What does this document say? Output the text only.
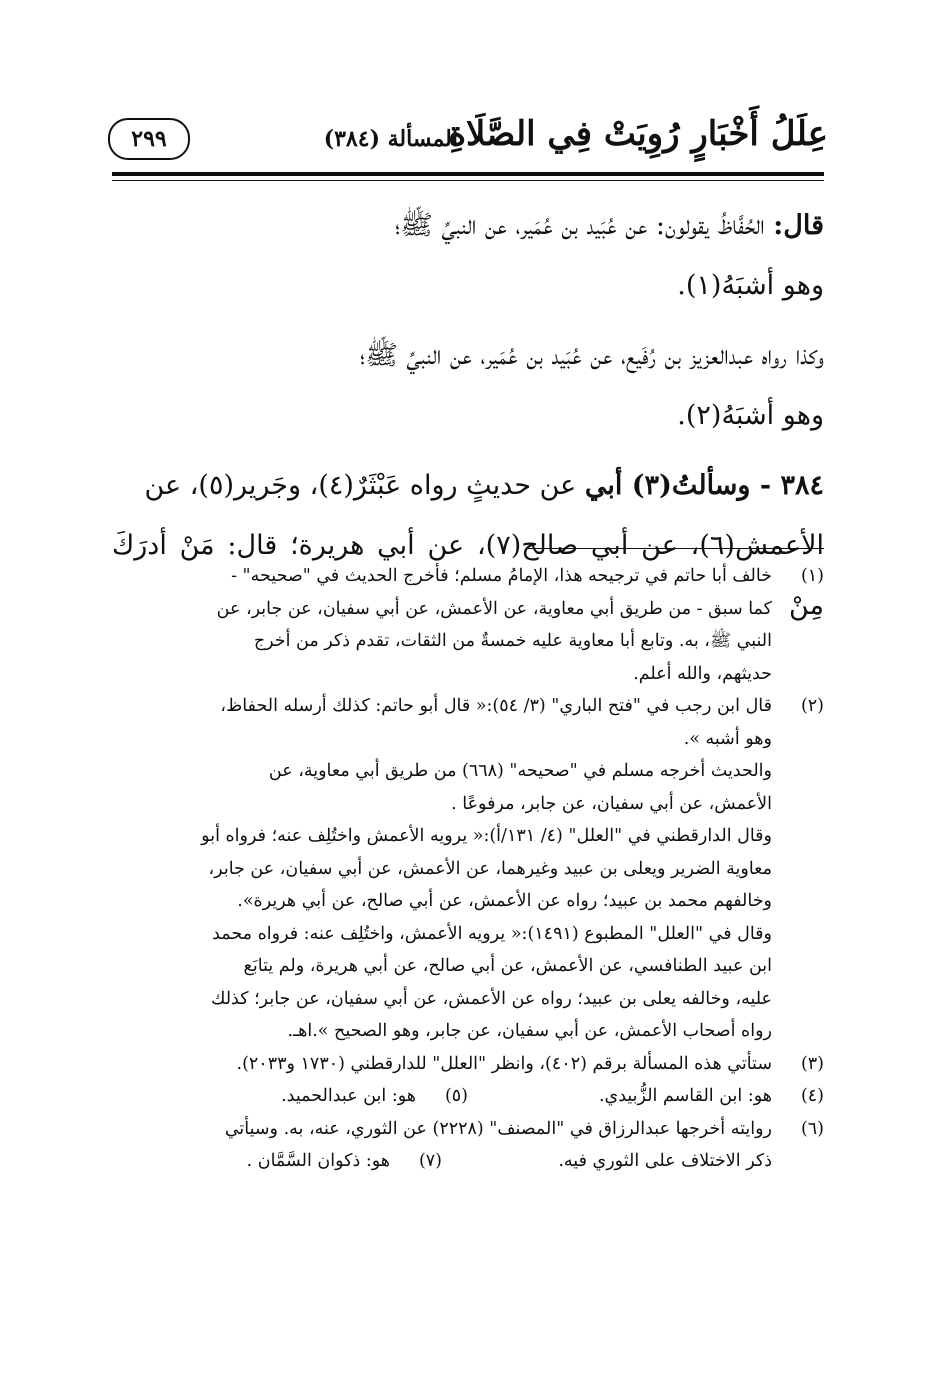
عِلَلُ أَخْبَارٍ رُوِيَتْ فِي الصَّلَاةِ
المسألة (٣٨٤)
٢٩٩

قال: الحُفَّاظُ يقولون: عن عُبَيد بن عُمَير، عن النبيِّ ﷺ؛
وهو أشبَهُ(١).

وكذا رواه عبدالعزيز بن رُفَيع، عن عُبَيد بن عُمَير، عن النبيِّ ﷺ؛
وهو أشبَهُ(٢).

٣٨٤ - وسألتُ(٣) أبي عن حديثٍ رواه عَبْثَرٌ(٤)، وجَرير(٥)، عن
الأعمش(٦)، عن أبي صالح(٧)، عن أبي هريرة؛ قال: مَنْ أدرَكَ مِنْ

(١)
خالف أبا حاتم في ترجيحه هذا، الإمامُ مسلم؛ فأخرج الحديث في "صحيحه" -
كما سبق - من طريق أبي معاوية، عن الأعمش، عن أبي سفيان، عن جابر، عن
النبي ﷺ، به. وتابع أبا معاوية عليه خمسةٌ من الثقات، تقدم ذكر من أخرج
حديثهم، والله أعلم.
(٢)
قال ابن رجب في "فتح الباري" (٣/ ٥٤):« قال أبو حاتم: كذلك أرسله الحفاظ،
وهو أشبه ».
والحديث أخرجه مسلم في "صحيحه" (٦٦٨) من طريق أبي معاوية، عن
الأعمش، عن أبي سفيان، عن جابر، مرفوعًا .
وقال الدارقطني في "العلل" (٤/ ١٣١/أ):« يرويه الأعمش واختُلِف عنه؛ فرواه أبو
معاوية الضرير ويعلى بن عبيد وغيرهما، عن الأعمش، عن أبي سفيان، عن جابر،
وخالفهم محمد بن عبيد؛ رواه عن الأعمش، عن أبي صالح، عن أبي هريرة».
وقال في "العلل" المطبوع (١٤٩١):« يرويه الأعمش، واختُلِف عنه: فرواه محمد
ابن عبيد الطنافسي، عن الأعمش، عن أبي صالح، عن أبي هريرة، ولم يتابَع
عليه، وخالفه يعلى بن عبيد؛ رواه عن الأعمش، عن أبي سفيان، عن جابر؛ كذلك
رواه أصحاب الأعمش، عن أبي سفيان، عن جابر، وهو الصحيح ».اهـ.
(٣)
ستأتي هذه المسألة برقم (٤٠٢)، وانظر "العلل" للدارقطني (١٧٣٠ و٢٠٣٣).
(٤)
هو: ابن القاسم الزُّبيدي.
(٥)
هو: ابن عبدالحميد.
(٦)
روايته أخرجها عبدالرزاق في "المصنف" (٢٢٢٨) عن الثوري، عنه، به. وسيأتي
ذكر الاختلاف على الثوري فيه.
(٧)
هو: ذكوان السَّمَّان .
